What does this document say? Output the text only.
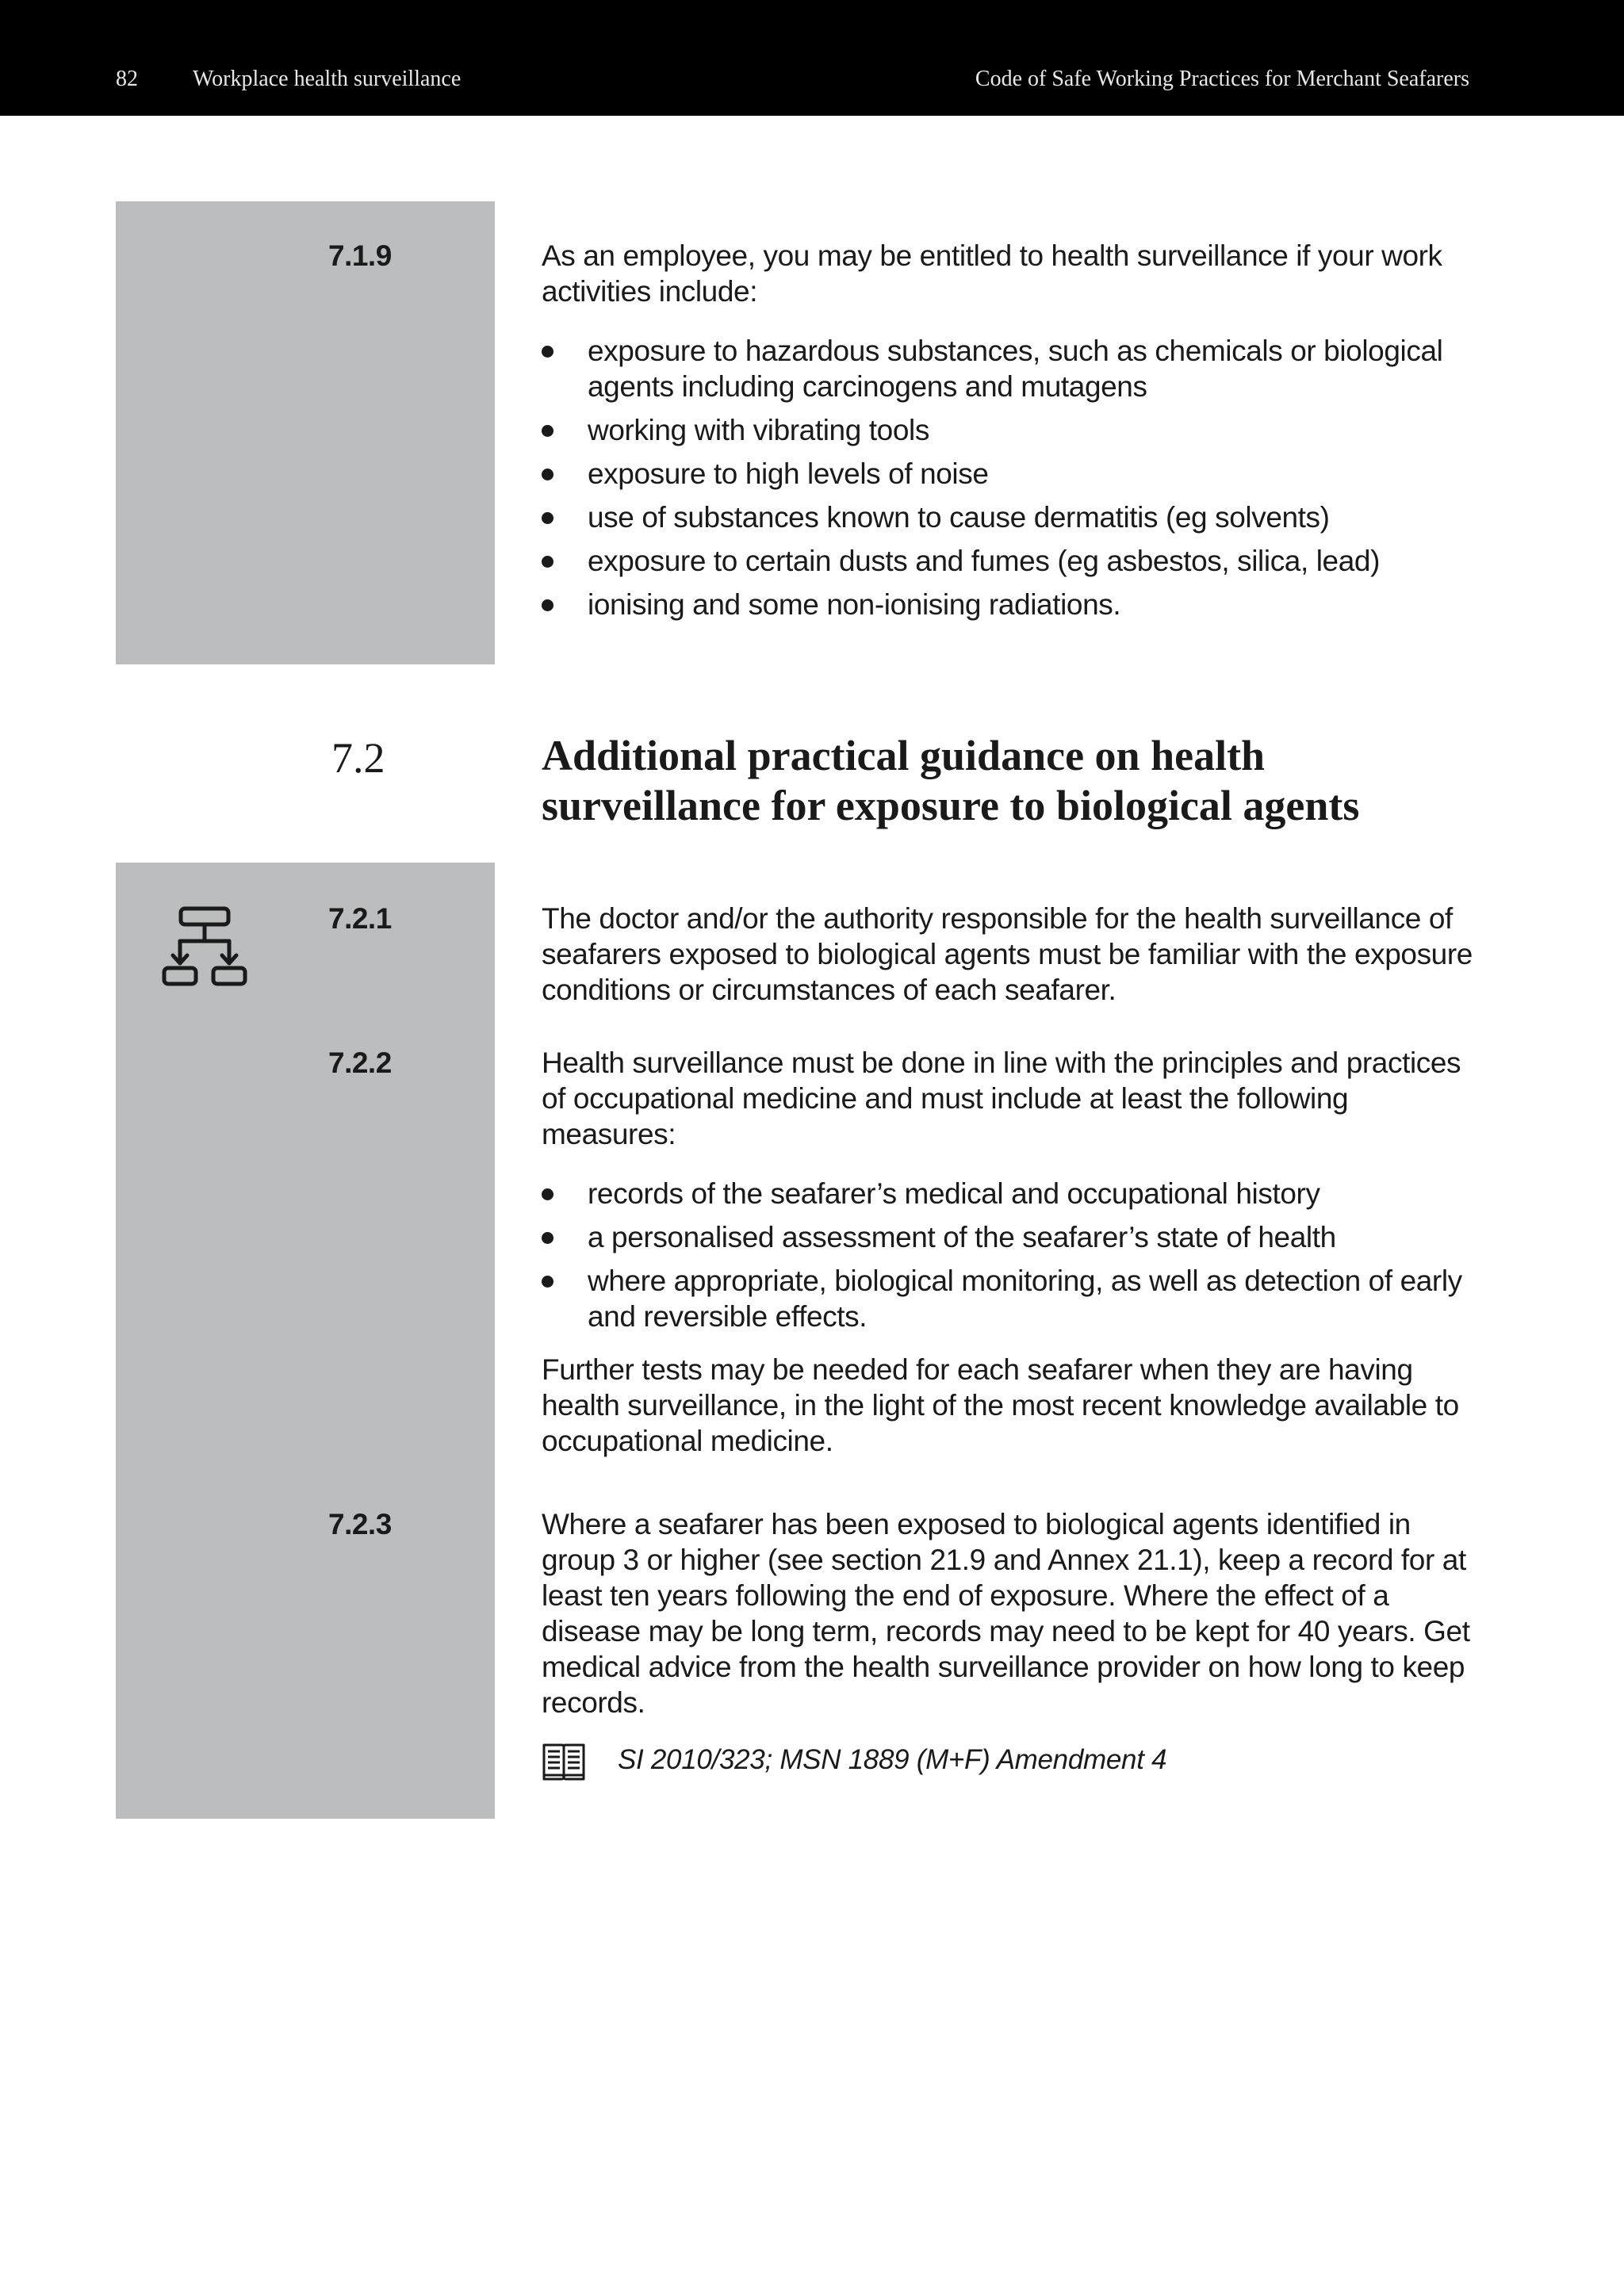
82 Workplace health surveillance	Code of Safe Working Practices for Merchant Seafarers
7.1.9	As an employee, you may be entitled to health surveillance if your work activities include:

exposure to hazardous substances, such as chemicals or biological agents including carcinogens and mutagens
working with vibrating tools
exposure to high levels of noise
use of substances known to cause dermatitis (eg solvents)
exposure to certain dusts and fumes (eg asbestos, silica, lead)
ionising and some non-ionising radiations.
7.2	Additional practical guidance on health surveillance for exposure to biological agents
7.2.1	The doctor and/or the authority responsible for the health surveillance of seafarers exposed to biological agents must be familiar with the exposure conditions or circumstances of each seafarer.

7.2.2	Health surveillance must be done in line with the principles and practices of occupational medicine and must include at least the following measures:

records of the seafarer’s medical and occupational history
a personalised assessment of the seafarer’s state of health
where appropriate, biological monitoring, as well as detection of early and reversible effects.

Further tests may be needed for each seafarer when they are having health surveillance, in the light of the most recent knowledge available to occupational medicine.

7.2.3	Where a seafarer has been exposed to biological agents identified in group 3 or higher (see section 21.9 and Annex 21.1), keep a record for at least ten years following the end of exposure. Where the effect of a disease may be long term, records may need to be kept for 40 years. Get medical advice from the health surveillance provider on how long to keep records.

SI 2010/323; MSN 1889 (M+F) Amendment 4
